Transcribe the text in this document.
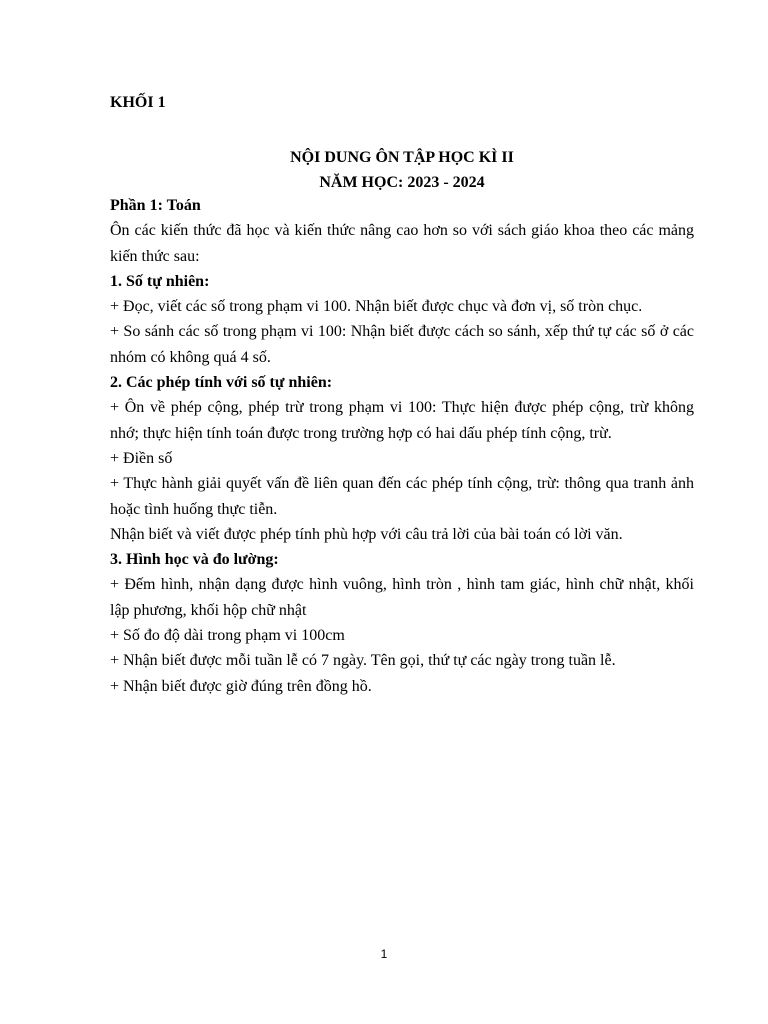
KHỐI 1
NỘI DUNG ÔN TẬP HỌC KÌ II
NĂM HỌC: 2023 - 2024

Phần 1: Toán

Ôn các kiến thức đã học và kiến thức nâng cao hơn so với sách giáo khoa theo các mảng kiến thức sau:

1. Số tự nhiên:

+ Đọc, viết các số trong phạm vi 100. Nhận biết được chục và đơn vị, số tròn chục.

+ So sánh các số trong phạm vi 100: Nhận biết được cách so sánh, xếp thứ tự các số ở các nhóm có không quá 4 số.

2. Các phép tính với số tự nhiên:

+ Ôn về phép cộng, phép trừ trong phạm vi 100: Thực hiện được phép cộng, trừ không nhớ; thực hiện tính toán được trong trường hợp có hai dấu phép tính cộng, trừ.

+ Điền số

+ Thực hành giải quyết vấn đề liên quan đến các phép tính cộng, trừ: thông qua tranh ảnh hoặc tình huống thực tiễn.

Nhận biết và viết được phép tính phù hợp với câu trả lời của bài toán có lời văn.

3. Hình học và đo lường:

+ Đếm hình, nhận dạng được hình vuông, hình tròn , hình tam giác, hình chữ nhật, khối lập phương, khối hộp chữ nhật

+ Số đo độ dài trong phạm vi 100cm

+ Nhận biết được mỗi tuần lễ có 7 ngày. Tên gọi, thứ tự các ngày trong tuần lễ.

+ Nhận biết được giờ đúng trên đồng hồ.

1
